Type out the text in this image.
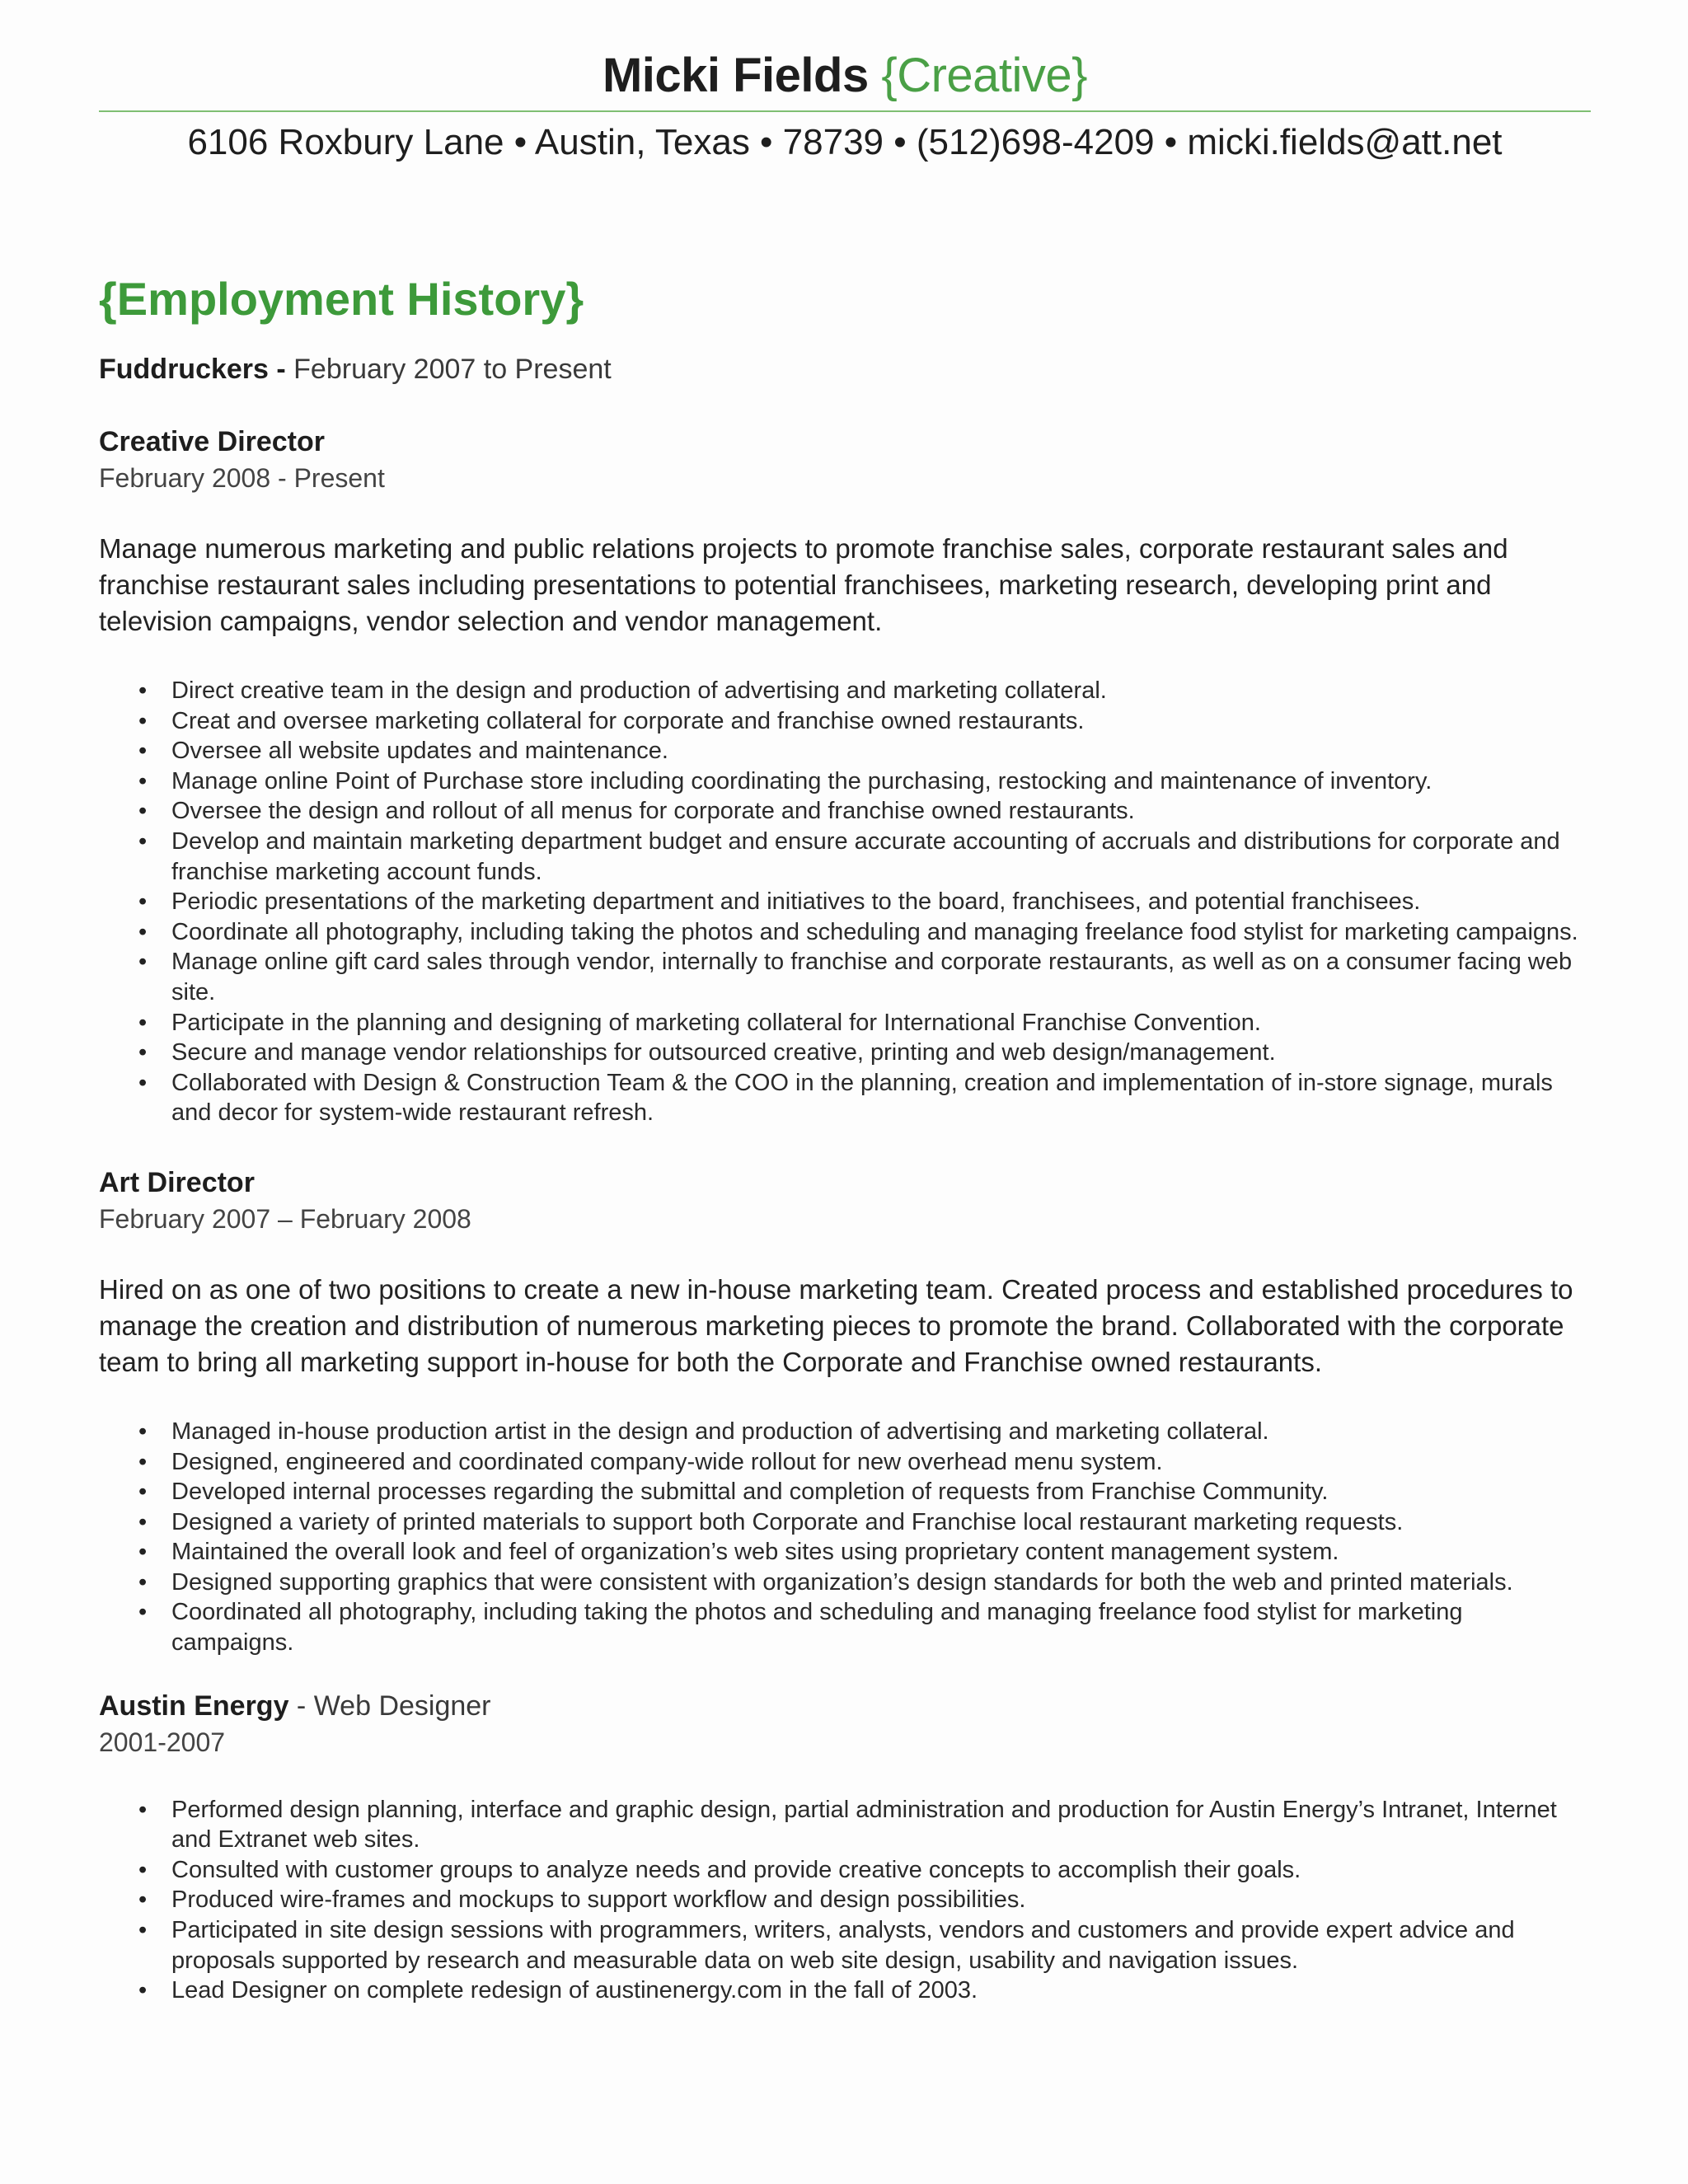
Micki Fields {Creative}
6106 Roxbury Lane • Austin, Texas • 78739 • (512)698-4209 • micki.fields@att.net
{Employment History}
Fuddruckers - February 2007 to Present
Creative Director
February 2008 - Present
Manage numerous marketing and public relations projects to promote franchise sales, corporate restaurant sales and franchise restaurant sales including presentations to potential franchisees, marketing research, developing print and television campaigns, vendor selection and vendor management.
• Direct creative team in the design and production of advertising and marketing collateral.
• Creat and oversee marketing collateral for corporate and franchise owned restaurants.
• Oversee all website updates and maintenance.
• Manage online Point of Purchase store including coordinating the purchasing, restocking and maintenance of inventory.
• Oversee the design and rollout of all menus for corporate and franchise owned restaurants.
• Develop and maintain marketing department budget and ensure accurate accounting of accruals and distributions for corporate and franchise marketing account funds.
• Periodic presentations of the marketing department and initiatives to the board, franchisees, and potential franchisees.
• Coordinate all photography, including taking the photos and scheduling and managing freelance food stylist for marketing campaigns.
• Manage online gift card sales through vendor, internally to franchise and corporate restaurants, as well as on a consumer facing web site.
• Participate in the planning and designing of marketing collateral for International Franchise Convention.
• Secure and manage vendor relationships for outsourced creative, printing and web design/management.
• Collaborated with Design & Construction Team & the COO in the planning, creation and implementation of in-store signage, murals and decor for system-wide restaurant refresh.
Art Director
February 2007 – February 2008
Hired on as one of two positions to create a new in-house marketing team. Created process and established procedures to manage the creation and distribution of numerous marketing pieces to promote the brand. Collaborated with the corporate team to bring all marketing support in-house for both the Corporate and Franchise owned restaurants.
• Managed in-house production artist in the design and production of advertising and marketing collateral.
• Designed, engineered and coordinated company-wide rollout for new overhead menu system.
• Developed internal processes regarding the submittal and completion of requests from Franchise Community.
• Designed a variety of printed materials to support both Corporate and Franchise local restaurant marketing requests.
• Maintained the overall look and feel of organization’s web sites using proprietary content management system.
• Designed supporting graphics that were consistent with organization’s design standards for both the web and printed materials.
• Coordinated all photography, including taking the photos and scheduling and managing freelance food stylist for marketing campaigns.
Austin Energy - Web Designer
2001-2007
• Performed design planning, interface and graphic design, partial administration and production for Austin Energy’s Intranet, Internet and Extranet web sites.
• Consulted with customer groups to analyze needs and provide creative concepts to accomplish their goals.
• Produced wire-frames and mockups to support workflow and design possibilities.
• Participated in site design sessions with programmers, writers, analysts, vendors and customers and provide expert advice and proposals supported by research and measurable data on web site design, usability and navigation issues.
• Lead Designer on complete redesign of austinenergy.com in the fall of 2003.
